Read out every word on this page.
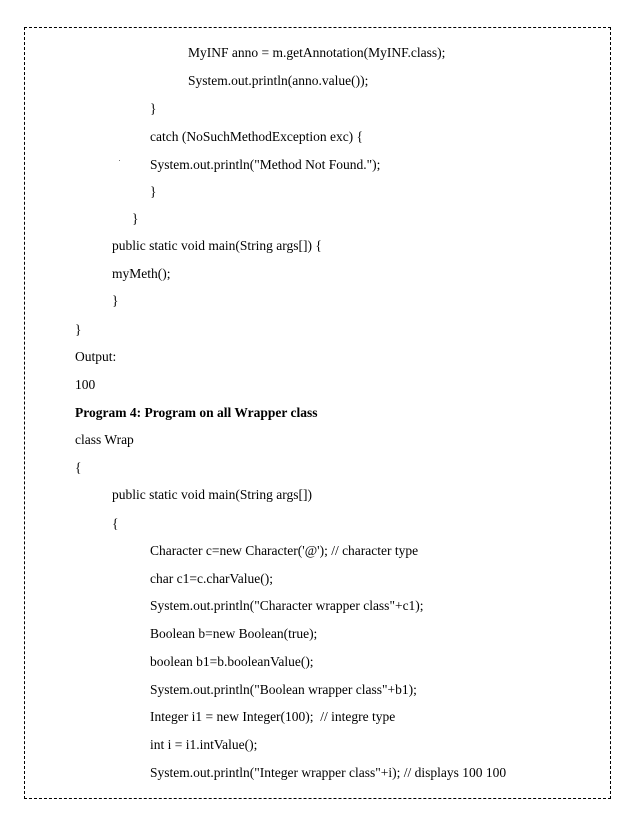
MyINF anno = m.getAnnotation(MyINF.class);
System.out.println(anno.value());
}
catch (NoSuchMethodException exc) {
System.out.println("Method Not Found.");
}
}
public static void main(String args[]) {
myMeth();
}
}
Output:
100
Program 4: Program on all Wrapper class
class Wrap
{
public static void main(String args[])
{
Character c=new Character('@'); // character type
char c1=c.charValue();
System.out.println("Character wrapper class"+c1);
Boolean b=new Boolean(true);
boolean b1=b.booleanValue();
System.out.println("Boolean wrapper class"+b1);
Integer i1 = new Integer(100);  // integre type
int i = i1.intValue();
System.out.println("Integer wrapper class"+i); // displays 100 100
